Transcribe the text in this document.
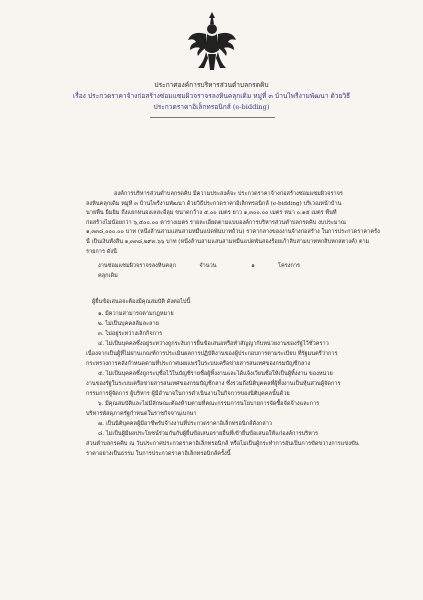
ประกาศองค์การบริหารส่วนตำบลกรดคิบ
เรื่อง ประกวดราคาจ้างก่อสร้างซ่อมแซมผิวจราจรลงหินคลุกเดิม หมู่ที่ ๓ บ้านไพรีงามพัฒนา ด้วยวิธี
ประกวดราคาอิเล็กทรอนิกส์ (e-bidding)
องค์การบริหารส่วนตำบลกรดคิบ มีความประสงค์จะ ประกวดราคาจ้างก่อสร้างซ่อมแซมผิวจราจร
ลงหินคลุกเดิม หมู่ที่ ๓ บ้านไพรีงามพัฒนา ด้วยวิธีประกวดราคาอิเล็กทรอนิกส์ (e-bidding) บริเวณหน้าบ้าน
นายพื้น ยิ้มยิ่ม ถึงแยกหนองเลสะอีลุม ขนาดกว้าง ๕.๐๐ เมตร ยาว ๑,๓๐๐.๐๐ เมตร หนา ๐.๑๕ เมตร พื้นที่
ก่อสร้างไม่น้อยกว่า ๖,๕๐๐.๐๐ ตารางเมตร รายละเอียดตามแบบองค์การบริหารส่วนตำบลกรดคิบ งบประมาณ
๑,๓๓๘,๐๐๐.๐๐ บาท (หนึ่งล้านสามแสนสามหมื่นแปดพันบาทถ้วน) ราคากลางของงานจ้างก่อสร้าง ในการประกวดราคาครั้ง
นี้ เป็นเงินทั้งสิ้น ๑,๓๓๘,๒๙๓.๖๖ บาท (หนึ่งล้านสามแสนสามหมื่นแปดพันสองร้อยเก้าสิบสามบาทหกสิบหกสตางค์) ตาม
รายการ ดังนี้
งานซ่อมแซมผิวจราจรลงหินคลุก	จำนวน	๑	โครงการ
คลุกเดิม
ผู้ยื่นข้อเสนอจะต้องมีคุณสมบัติ ดังต่อไปนี้
๑. มีความสามารถตามกฎหมาย
๒. ไม่เป็นบุคคลล้มละลาย
๓. ไม่อยู่ระหว่างเลิกกิจการ
๔. ไม่เป็นบุคคลซึ่งอยู่ระหว่างถูกระงับการยื่นข้อเสนอหรือทำสัญญากับหน่วยงานของรัฐไว้ชั่วคราว
เนื่องจากเป็นผู้ที่ไม่ผ่านเกณฑ์การประเมินผลการปฏิบัติงานของผู้ประกอบการตามระเบียบ ที่รัฐมนตรีว่าการ
กระทรวงการคลังกำหนดตามที่ประกาศเผยแพร่ในระบบเครือข่ายสารสนเทศของกรมบัญชีกลาง
๕. ไม่เป็นบุคคลซึ่งถูกระบุชื่อไว้ในบัญชีรายชื่อผู้ทิ้งงานและได้แจ้งเวียนชื่อให้เป็นผู้ทิ้งงาน ของหน่วย
งานของรัฐในระบบเครือข่ายสารสนเทศของกรมบัญชีกลาง ซึ่งรวมถึงนิติบุคคลที่ผู้ทิ้งงานเป็นหุ้นส่วนผู้จัดการ
กรรมการผู้จัดการ ผู้บริหาร ผู้มีอำนาจในการดำเนินงานในกิจการของนิติบุคคลนั้นด้วย
๖. มีคุณสมบัติและไม่มีลักษณะต้องห้ามตามที่คณะกรรมการนโยบายการจัดซื้อจัดจ้างและการ
บริหารพัสดุภาครัฐกำหนดในราชกิจจานุเบกษา
๗. เป็นนิติบุคคลผู้มีอาชีพรับจ้างงานที่ประกวดราคาอิเล็กทรอนิกส์ดังกล่าว
๘. ไม่เป็นผู้มีผลประโยชน์ร่วมกันกับผู้ยื่นข้อเสนอรายอื่นที่เข้ายื่นข้อเสนอให้แก่องค์การบริหาร
ส่วนตำบลกรดคิบ ณ วันประกาศประกวดราคาอิเล็กทรอนิกส์ หรือไม่เป็นผู้กระทำการอันเป็นการขัดขวางการแข่งขัน
ราคาอย่างเป็นธรรม ในการประกวดราคาอิเล็กทรอนิกส์ครั้งนี้
